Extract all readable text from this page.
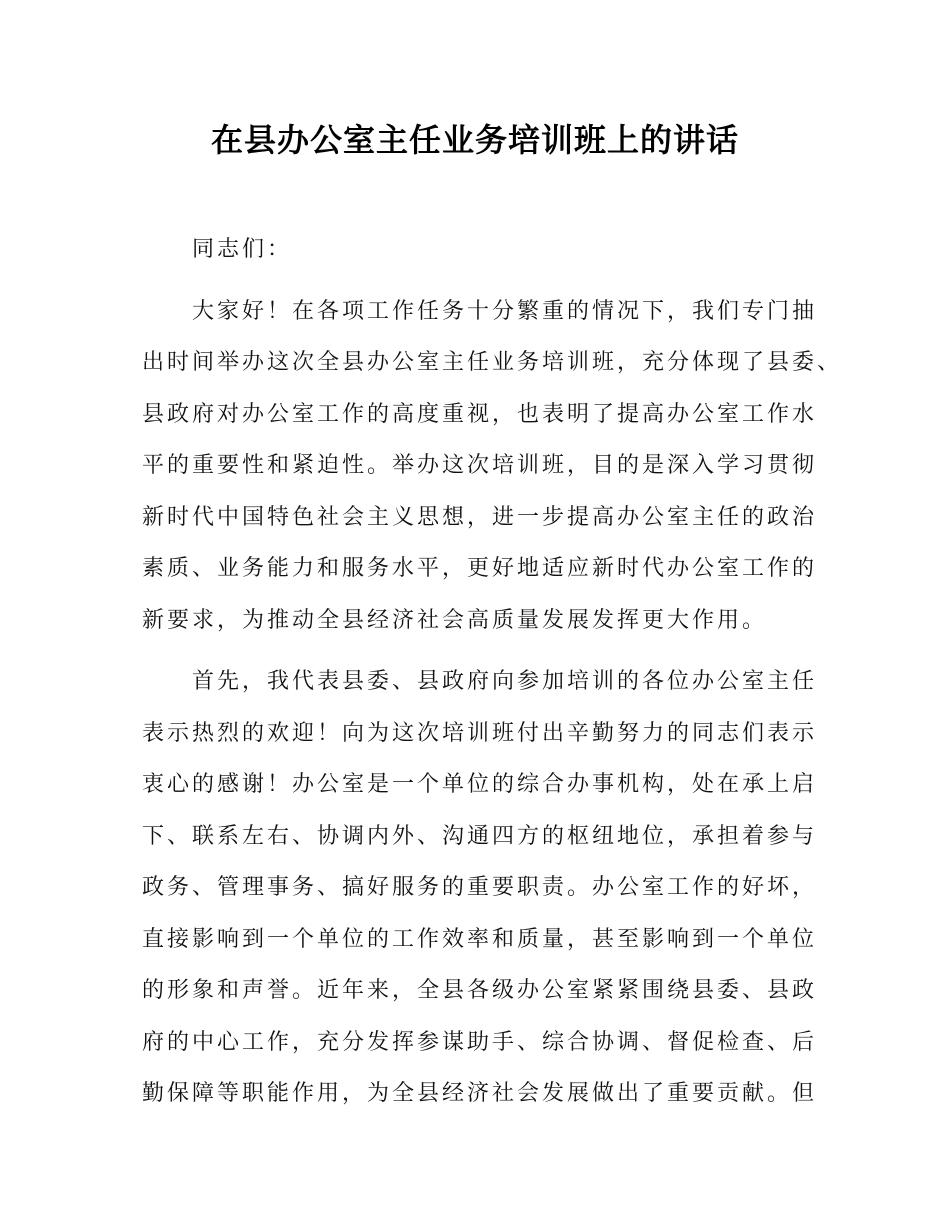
在县办公室主任业务培训班上的讲话
同志们：
大家好！在各项工作任务十分繁重的情况下，我们专门抽
出时间举办这次全县办公室主任业务培训班，充分体现了县委、
县政府对办公室工作的高度重视，也表明了提高办公室工作水
平的重要性和紧迫性。举办这次培训班，目的是深入学习贯彻
新时代中国特色社会主义思想，进一步提高办公室主任的政治
素质、业务能力和服务水平，更好地适应新时代办公室工作的
新要求，为推动全县经济社会高质量发展发挥更大作用。
首先，我代表县委、县政府向参加培训的各位办公室主任
表示热烈的欢迎！向为这次培训班付出辛勤努力的同志们表示
衷心的感谢！办公室是一个单位的综合办事机构，处在承上启
下、联系左右、协调内外、沟通四方的枢纽地位，承担着参与
政务、管理事务、搞好服务的重要职责。办公室工作的好坏，
直接影响到一个单位的工作效率和质量，甚至影响到一个单位
的形象和声誉。近年来，全县各级办公室紧紧围绕县委、县政
府的中心工作，充分发挥参谋助手、综合协调、督促检查、后
勤保障等职能作用，为全县经济社会发展做出了重要贡献。但
